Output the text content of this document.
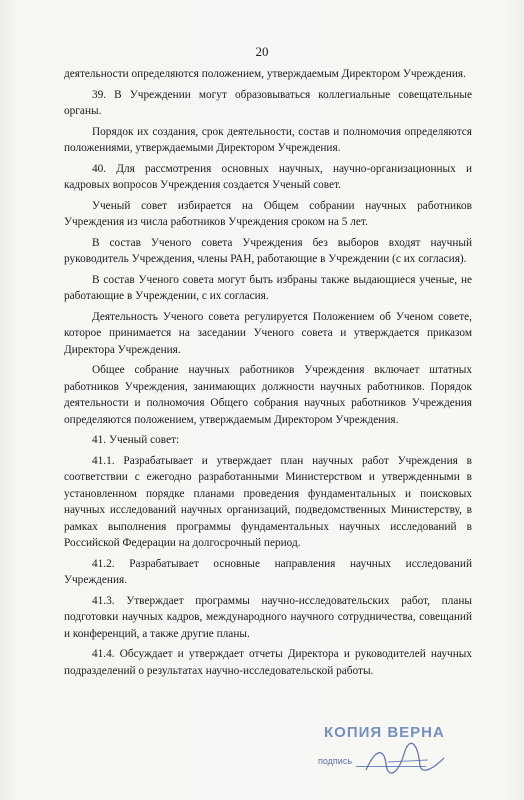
20

деятельности определяются положением, утверждаемым Директором Учреждения.

39. В Учреждении могут образовываться коллегиальные совещательные органы.

Порядок их создания, срок деятельности, состав и полномочия определяются положениями, утверждаемыми Директором Учреждения.

40. Для рассмотрения основных научных, научно-организационных и кадровых вопросов Учреждения создается Ученый совет.

Ученый совет избирается на Общем собрании научных работников Учреждения из числа работников Учреждения сроком на 5 лет.

В состав Ученого совета Учреждения без выборов входят научный руководитель Учреждения, члены РАН, работающие в Учреждении (с их согласия).

В состав Ученого совета могут быть избраны также выдающиеся ученые, не работающие в Учреждении, с их согласия.

Деятельность Ученого совета регулируется Положением об Ученом совете, которое принимается на заседании Ученого совета и утверждается приказом Директора Учреждения.

Общее собрание научных работников Учреждения включает штатных работников Учреждения, занимающих должности научных работников. Порядок деятельности и полномочия Общего собрания научных работников Учреждения определяются положением, утверждаемым Директором Учреждения.

41. Ученый совет:

41.1. Разрабатывает и утверждает план научных работ Учреждения в соответствии с ежегодно разработанными Министерством и утвержденными в установленном порядке планами проведения фундаментальных и поисковых научных исследований научных организаций, подведомственных Министерству, в рамках выполнения программы фундаментальных научных исследований в Российской Федерации на долгосрочный период.

41.2. Разрабатывает основные направления научных исследований Учреждения.

41.3. Утверждает программы научно-исследовательских работ, планы подготовки научных кадров, международного научного сотрудничества, совещаний и конференций, а также другие планы.

41.4. Обсуждает и утверждает отчеты Директора и руководителей научных подразделений о результатах научно-исследовательской работы.

КОПИЯ ВЕРНА
подпись
